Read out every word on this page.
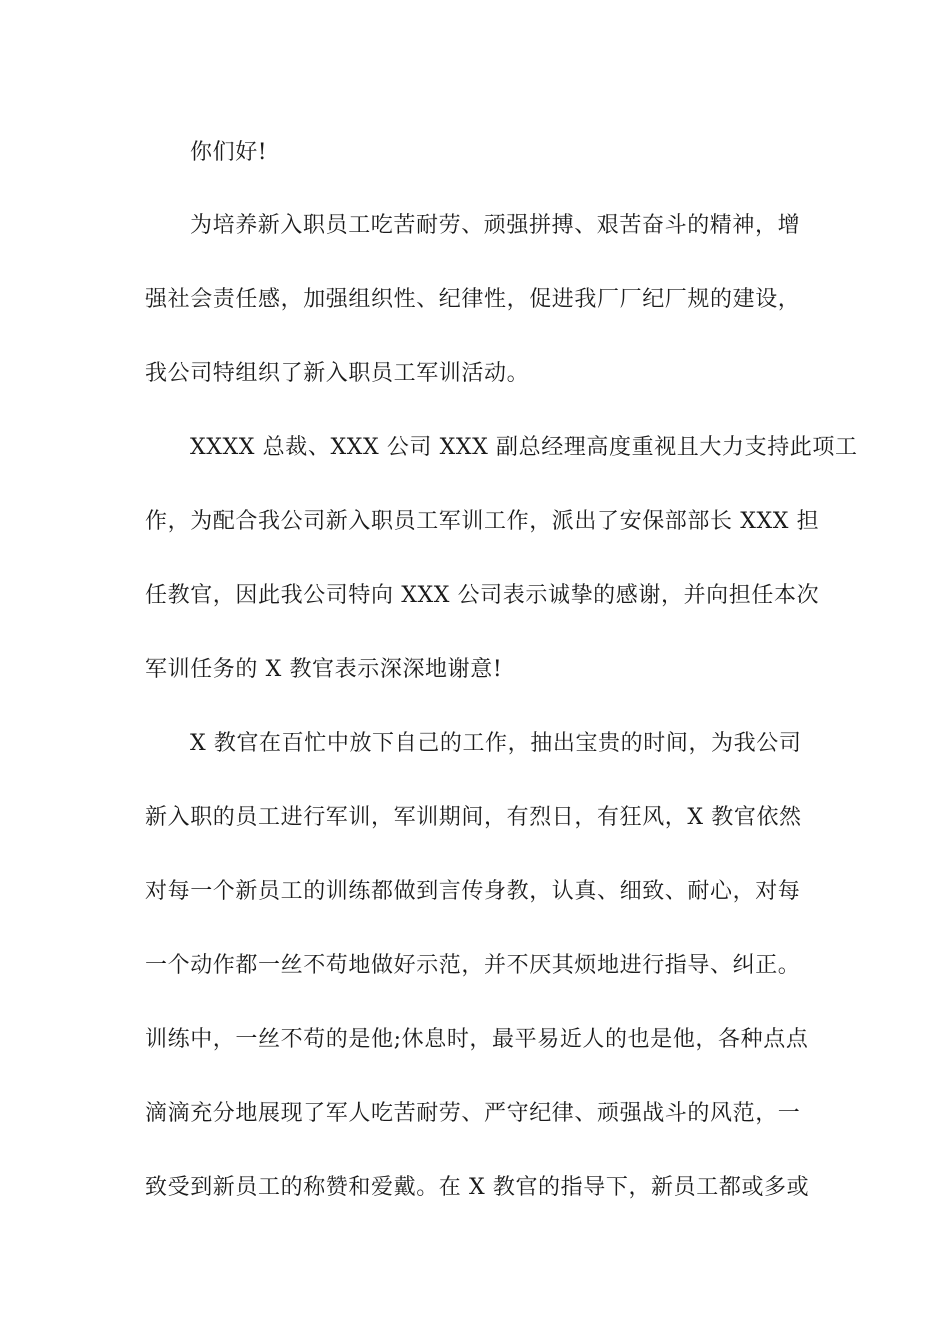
你们好!
为培养新入职员工吃苦耐劳、顽强拼搏、艰苦奋斗的精神，增
强社会责任感，加强组织性、纪律性，促进我厂厂纪厂规的建设，
我公司特组织了新入职员工军训活动。
XXXX 总裁、XXX 公司 XXX 副总经理高度重视且大力支持此项工
作，为配合我公司新入职员工军训工作，派出了安保部部长 XXX 担
任教官，因此我公司特向 XXX 公司表示诚挚的感谢，并向担任本次
军训任务的 X 教官表示深深地谢意!
X 教官在百忙中放下自己的工作，抽出宝贵的时间，为我公司
新入职的员工进行军训，军训期间，有烈日，有狂风，X 教官依然
对每一个新员工的训练都做到言传身教，认真、细致、耐心，对每
一个动作都一丝不苟地做好示范，并不厌其烦地进行指导、纠正。
训练中，一丝不苟的是他;休息时，最平易近人的也是他，各种点点
滴滴充分地展现了军人吃苦耐劳、严守纪律、顽强战斗的风范，一
致受到新员工的称赞和爱戴。在 X 教官的指导下，新员工都或多或
